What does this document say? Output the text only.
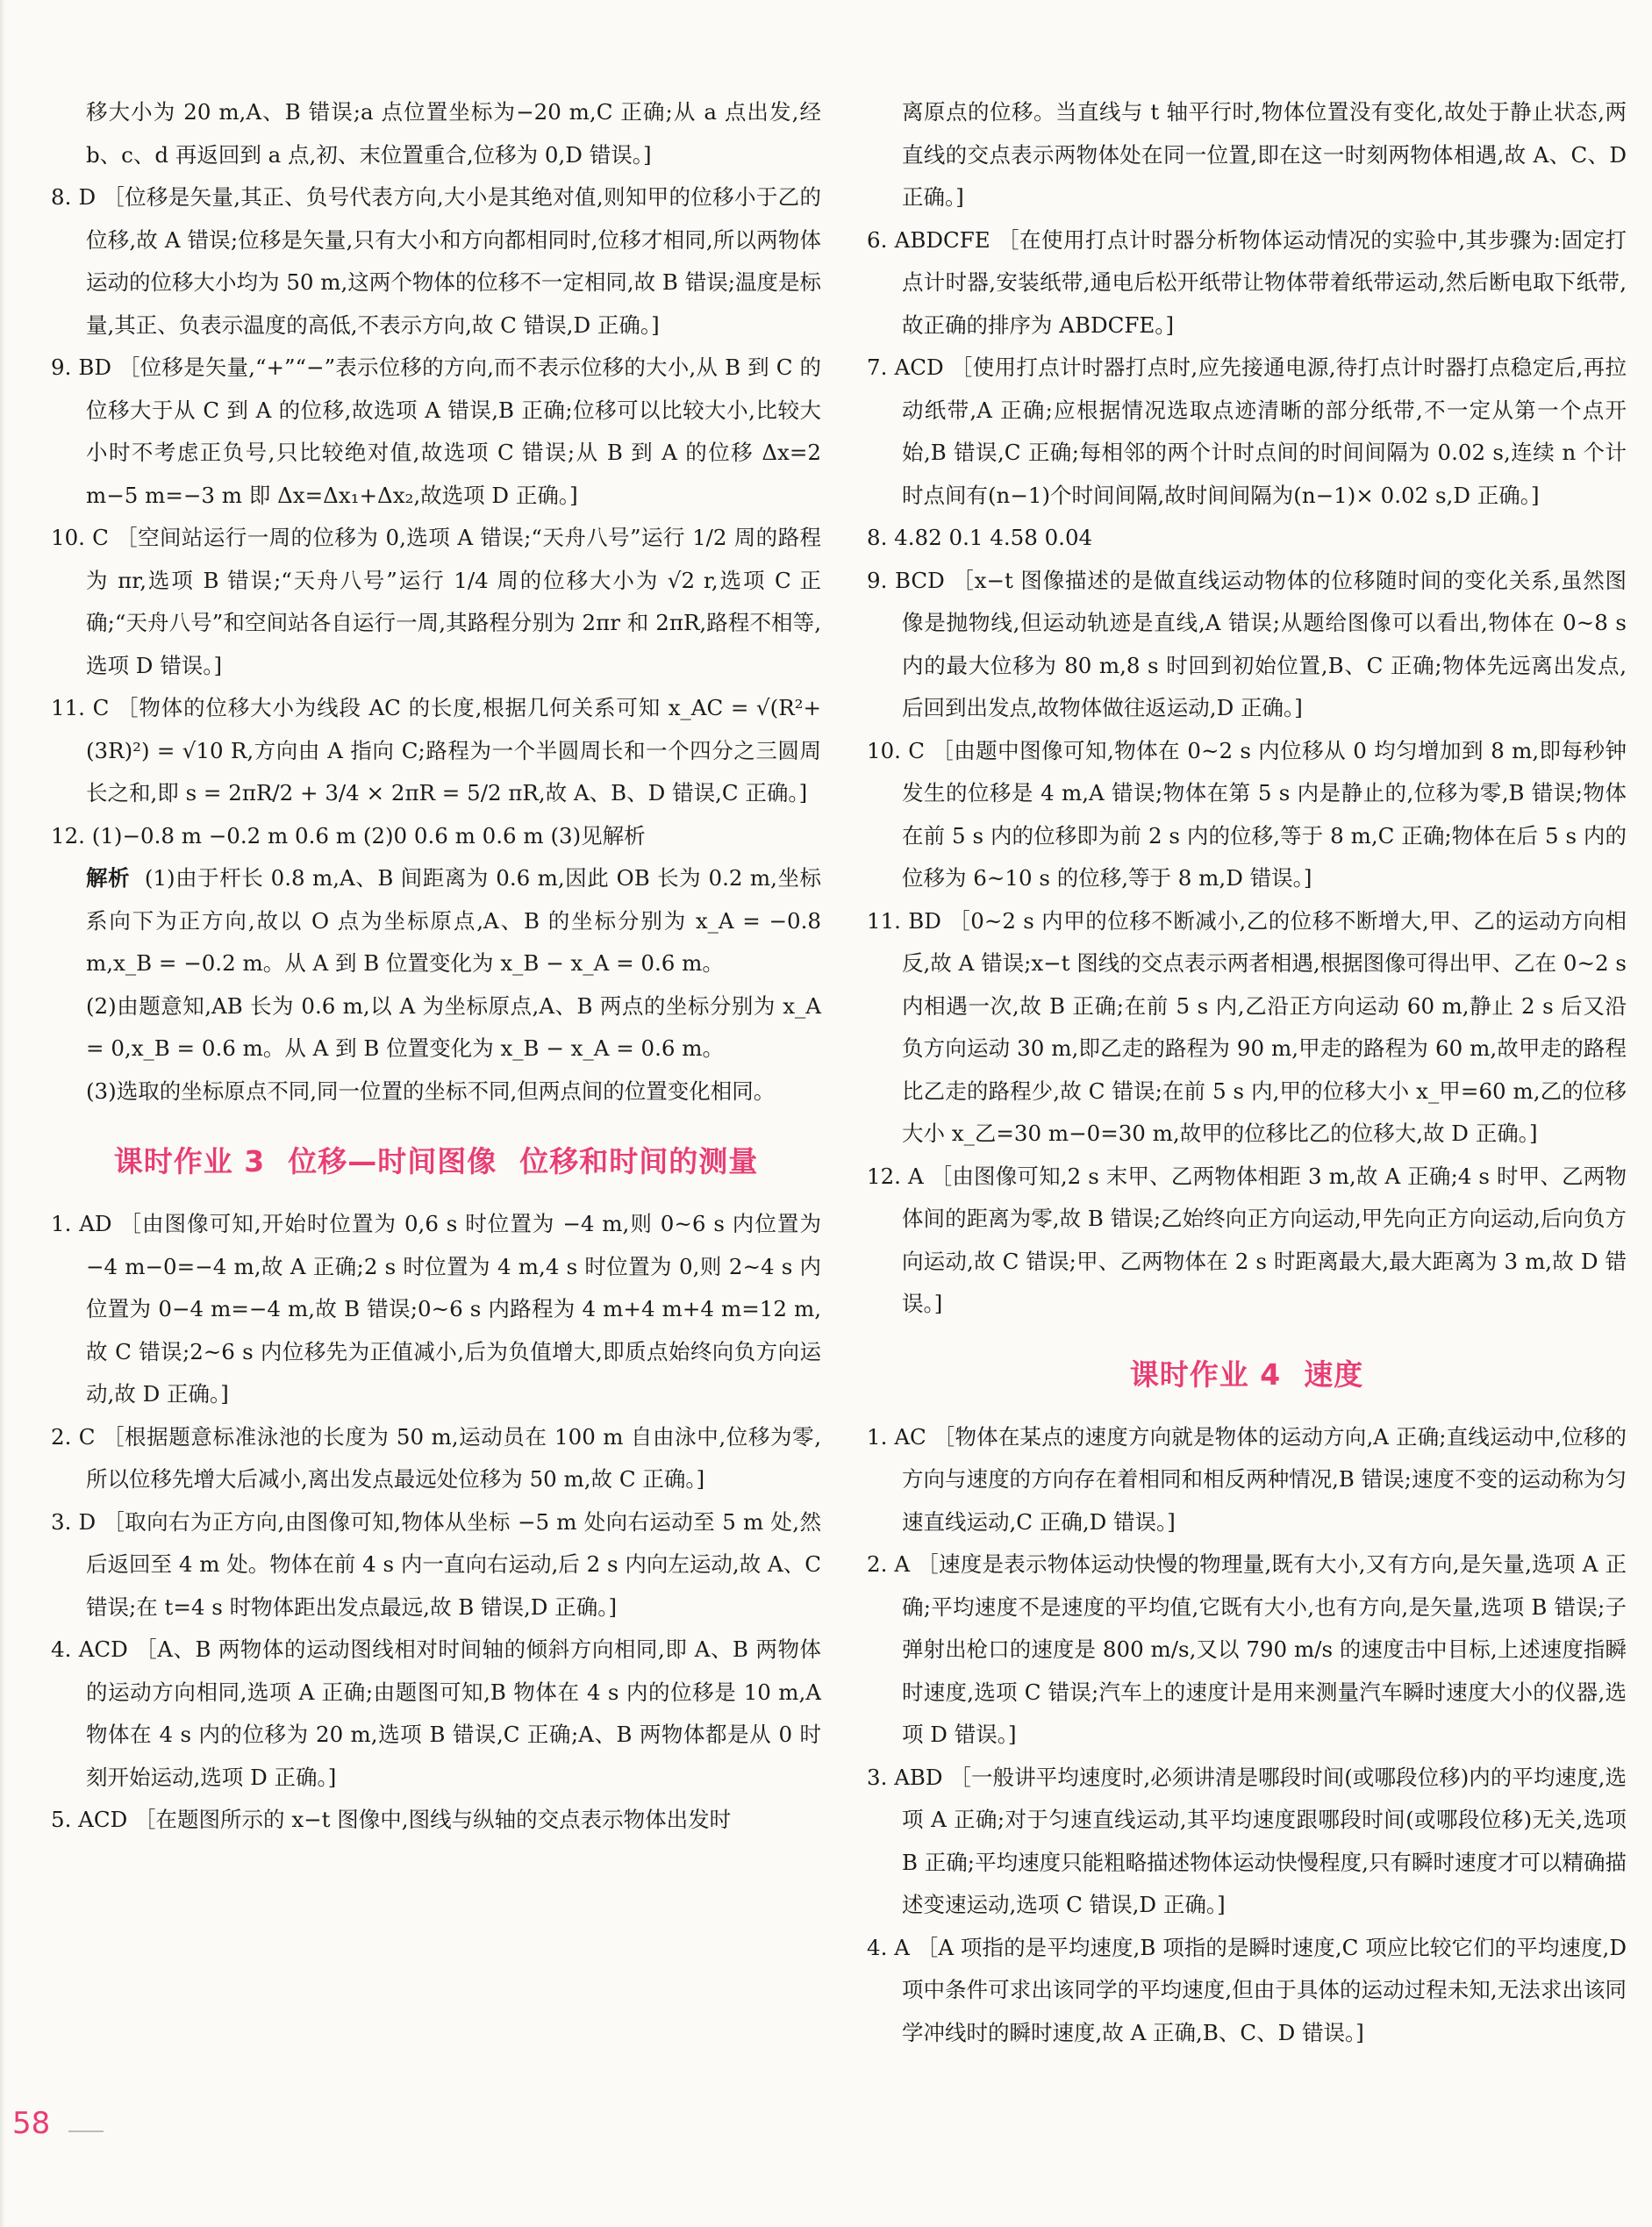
移大小为 20 m,A、B 错误;a 点位置坐标为−20 m,C 正确;从 a 点出发,经 b、c、d 再返回到 a 点,初、末位置重合,位移为 0,D 错误。]

8. D ［位移是矢量,其正、负号代表方向,大小是其绝对值,则知甲的位移小于乙的位移,故 A 错误;位移是矢量,只有大小和方向都相同时,位移才相同,所以两物体运动的位移大小均为 50 m,这两个物体的位移不一定相同,故 B 错误;温度是标量,其正、负表示温度的高低,不表示方向,故 C 错误,D 正确。]

9. BD ［位移是矢量,“+”“−”表示位移的方向,而不表示位移的大小,从 B 到 C 的位移大于从 C 到 A 的位移,故选项 A 错误,B 正确;位移可以比较大小,比较大小时不考虑正负号,只比较绝对值,故选项 C 错误;从 B 到 A 的位移 Δx=2 m−5 m=−3 m 即 Δx=Δx₁+Δx₂,故选项 D 正确。]

10. C ［空间站运行一周的位移为 0,选项 A 错误;“天舟八号”运行 1/2 周的路程为 πr,选项 B 错误;“天舟八号”运行 1/4 周的位移大小为 √2 r,选项 C 正确;“天舟八号”和空间站各自运行一周,其路程分别为 2πr 和 2πR,路程不相等,选项 D 错误。]

11. C ［物体的位移大小为线段 AC 的长度,根据几何关系可知 x_AC = √(R²+(3R)²) = √10 R,方向由 A 指向 C;路程为一个半圆周长和一个四分之三圆周长之和,即 s = 2πR/2 + 3/4 × 2πR = 5/2 πR,故 A、B、D 错误,C 正确。]

12. (1)−0.8 m −0.2 m 0.6 m (2)0 0.6 m 0.6 m (3)见解析

解析 (1)由于杆长 0.8 m,A、B 间距离为 0.6 m,因此 OB 长为 0.2 m,坐标系向下为正方向,故以 O 点为坐标原点,A、B 的坐标分别为 x_A = −0.8 m,x_B = −0.2 m。从 A 到 B 位置变化为 x_B − x_A = 0.6 m。

(2)由题意知,AB 长为 0.6 m,以 A 为坐标原点,A、B 两点的坐标分别为 x_A = 0,x_B = 0.6 m。从 A 到 B 位置变化为 x_B − x_A = 0.6 m。

(3)选取的坐标原点不同,同一位置的坐标不同,但两点间的位置变化相同。

课时作业 3 位移—时间图像 位移和时间的测量

1. AD ［由图像可知,开始时位置为 0,6 s 时位置为 −4 m,则 0~6 s 内位置为 −4 m−0=−4 m,故 A 正确;2 s 时位置为 4 m,4 s 时位置为 0,则 2~4 s 内位置为 0−4 m=−4 m,故 B 错误;0~6 s 内路程为 4 m+4 m+4 m=12 m,故 C 错误;2~6 s 内位移先为正值减小,后为负值增大,即质点始终向负方向运动,故 D 正确。]

2. C ［根据题意标准泳池的长度为 50 m,运动员在 100 m 自由泳中,位移为零,所以位移先增大后减小,离出发点最远处位移为 50 m,故 C 正确。]

3. D ［取向右为正方向,由图像可知,物体从坐标 −5 m 处向右运动至 5 m 处,然后返回至 4 m 处。物体在前 4 s 内一直向右运动,后 2 s 内向左运动,故 A、C 错误;在 t=4 s 时物体距出发点最远,故 B 错误,D 正确。]

4. ACD ［A、B 两物体的运动图线相对时间轴的倾斜方向相同,即 A、B 两物体的运动方向相同,选项 A 正确;由题图可知,B 物体在 4 s 内的位移是 10 m,A 物体在 4 s 内的位移为 20 m,选项 B 错误,C 正确;A、B 两物体都是从 0 时刻开始运动,选项 D 正确。]

5. ACD ［在题图所示的 x−t 图像中,图线与纵轴的交点表示物体出发时

离原点的位移。当直线与 t 轴平行时,物体位置没有变化,故处于静止状态,两直线的交点表示两物体处在同一位置,即在这一时刻两物体相遇,故 A、C、D 正确。]

6. ABDCFE ［在使用打点计时器分析物体运动情况的实验中,其步骤为:固定打点计时器,安装纸带,通电后松开纸带让物体带着纸带运动,然后断电取下纸带,故正确的排序为 ABDCFE。]

7. ACD ［使用打点计时器打点时,应先接通电源,待打点计时器打点稳定后,再拉动纸带,A 正确;应根据情况选取点迹清晰的部分纸带,不一定从第一个点开始,B 错误,C 正确;每相邻的两个计时点间的时间间隔为 0.02 s,连续 n 个计时点间有(n−1)个时间间隔,故时间间隔为(n−1)× 0.02 s,D 正确。]

8. 4.82 0.1 4.58 0.04

9. BCD ［x−t 图像描述的是做直线运动物体的位移随时间的变化关系,虽然图像是抛物线,但运动轨迹是直线,A 错误;从题给图像可以看出,物体在 0~8 s 内的最大位移为 80 m,8 s 时回到初始位置,B、C 正确;物体先远离出发点,后回到出发点,故物体做往返运动,D 正确。]

10. C ［由题中图像可知,物体在 0~2 s 内位移从 0 均匀增加到 8 m,即每秒钟发生的位移是 4 m,A 错误;物体在第 5 s 内是静止的,位移为零,B 错误;物体在前 5 s 内的位移即为前 2 s 内的位移,等于 8 m,C 正确;物体在后 5 s 内的位移为 6~10 s 的位移,等于 8 m,D 错误。]

11. BD ［0~2 s 内甲的位移不断减小,乙的位移不断增大,甲、乙的运动方向相反,故 A 错误;x−t 图线的交点表示两者相遇,根据图像可得出甲、乙在 0~2 s 内相遇一次,故 B 正确;在前 5 s 内,乙沿正方向运动 60 m,静止 2 s 后又沿负方向运动 30 m,即乙走的路程为 90 m,甲走的路程为 60 m,故甲走的路程比乙走的路程少,故 C 错误;在前 5 s 内,甲的位移大小 x_甲=60 m,乙的位移大小 x_乙=30 m−0=30 m,故甲的位移比乙的位移大,故 D 正确。]

12. A ［由图像可知,2 s 末甲、乙两物体相距 3 m,故 A 正确;4 s 时甲、乙两物体间的距离为零,故 B 错误;乙始终向正方向运动,甲先向正方向运动,后向负方向运动,故 C 错误;甲、乙两物体在 2 s 时距离最大,最大距离为 3 m,故 D 错误。]

课时作业 4 速度

1. AC ［物体在某点的速度方向就是物体的运动方向,A 正确;直线运动中,位移的方向与速度的方向存在着相同和相反两种情况,B 错误;速度不变的运动称为匀速直线运动,C 正确,D 错误。]

2. A ［速度是表示物体运动快慢的物理量,既有大小,又有方向,是矢量,选项 A 正确;平均速度不是速度的平均值,它既有大小,也有方向,是矢量,选项 B 错误;子弹射出枪口的速度是 800 m/s,又以 790 m/s 的速度击中目标,上述速度指瞬时速度,选项 C 错误;汽车上的速度计是用来测量汽车瞬时速度大小的仪器,选项 D 错误。]

3. ABD ［一般讲平均速度时,必须讲清是哪段时间(或哪段位移)内的平均速度,选项 A 正确;对于匀速直线运动,其平均速度跟哪段时间(或哪段位移)无关,选项 B 正确;平均速度只能粗略描述物体运动快慢程度,只有瞬时速度才可以精确描述变速运动,选项 C 错误,D 正确。]

4. A ［A 项指的是平均速度,B 项指的是瞬时速度,C 项应比较它们的平均速度,D 项中条件可求出该同学的平均速度,但由于具体的运动过程未知,无法求出该同学冲线时的瞬时速度,故 A 正确,B、C、D 错误。]

58
